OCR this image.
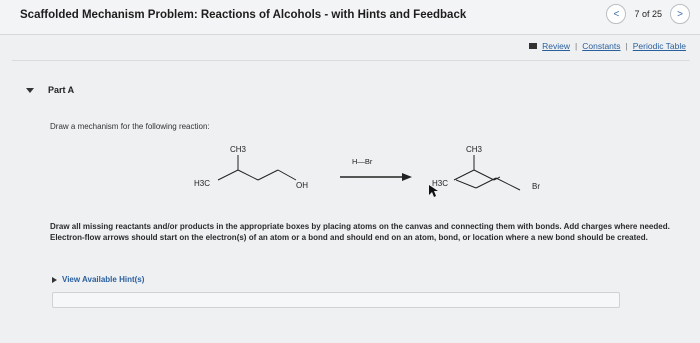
Scaffolded Mechanism Problem: Reactions of Alcohols - with Hints and Feedback	<	7 of 25	>
Review | Constants | Periodic Table
Part A
Draw a mechanism for the following reaction:
CH3
H3C	OH
H—Br
CH3
H3C	Br
Draw all missing reactants and/or products in the appropriate boxes by placing atoms on the canvas and connecting them with bonds. Add charges where needed. Electron-flow arrows should start on the electron(s) of an atom or a bond and should end on an atom, bond, or location where a new bond should be created.
View Available Hint(s)
